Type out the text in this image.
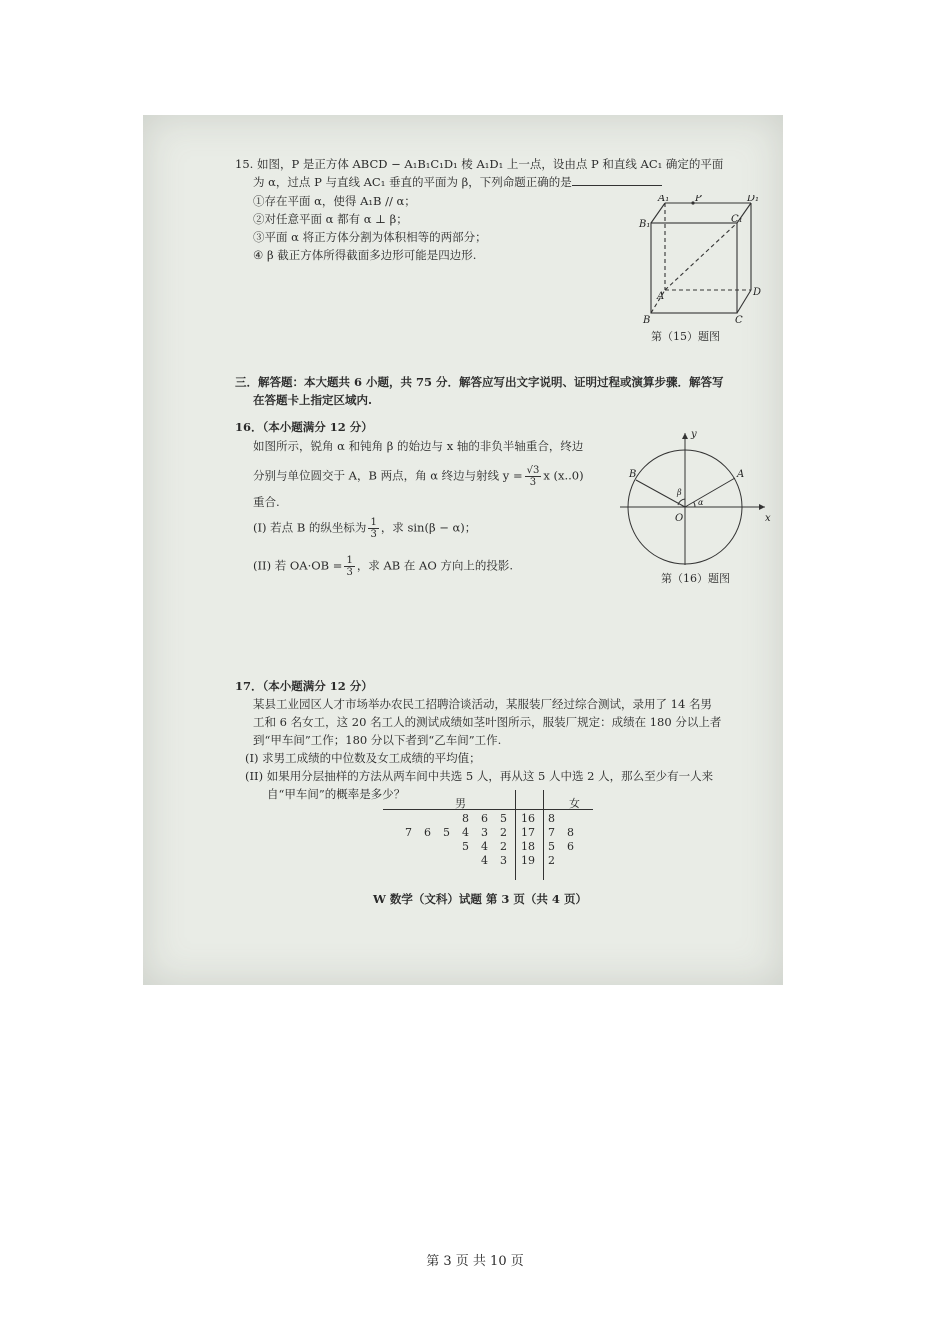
15. 如图，P 是正方体 ABCD − A₁B₁C₁D₁ 棱 A₁D₁ 上一点，设由点 P 和直线 AC₁ 确定的平面
为 α，过点 P 与直线 AC₁ 垂直的平面为 β，下列命题正确的是
①存在平面 α，使得 A₁B // α；
②对任意平面 α 都有 α ⊥ β；
③平面 α 将正方体分割为体积相等的两部分；
④ β 截正方体所得截面多边形可能是四边形.
A₁	P	D₁
B₁	C₁
A	D
B	C
第（15）题图
三．解答题：本大题共 6 小题，共 75 分．解答应写出文字说明、证明过程或演算步骤．解答写
在答题卡上指定区域内.
16．（本小题满分 12 分）
如图所示，锐角 α 和钝角 β 的始边与 x 轴的非负半轴重合，终边
分别与单位圆交于 A，B 两点，角 α 终边与射线 $y = \frac{√3}{3}$ x (x..0)
重合.
(I) 若点 B 的纵坐标为 $\frac{1}{3}$ ，求 sin(β − α)；
(II) 若 $OA\cdot OB = \frac{1}{3}$ ，求 AB 在 AO 方向上的投影.
y
x
O
A
B
α
β
第（16）题图
17．（本小题满分 12 分）
某县工业园区人才市场举办农民工招聘洽谈活动，某服装厂经过综合测试，录用了 14 名男
工和 6 名女工，这 20 名工人的测试成绩如茎叶图所示，服装厂规定：成绩在 180 分以上者
到“甲车间”工作；180 分以下者到“乙车间”工作.
(I) 求男工成绩的中位数及女工成绩的平均值；
(II) 如果用分层抽样的方法从两车间中共选 5 人，再从这 5 人中选 2 人，那么至少有一人来
自“甲车间”的概率是多少？
男	女
			8	6	5	16	8	
7	6	5	4	3	2	17	7	8
			5	4	2	18	5	6
				4	3	19	2	
W 数学（文科）试题 第 3 页（共 4 页）
第 3 页 共 10 页
